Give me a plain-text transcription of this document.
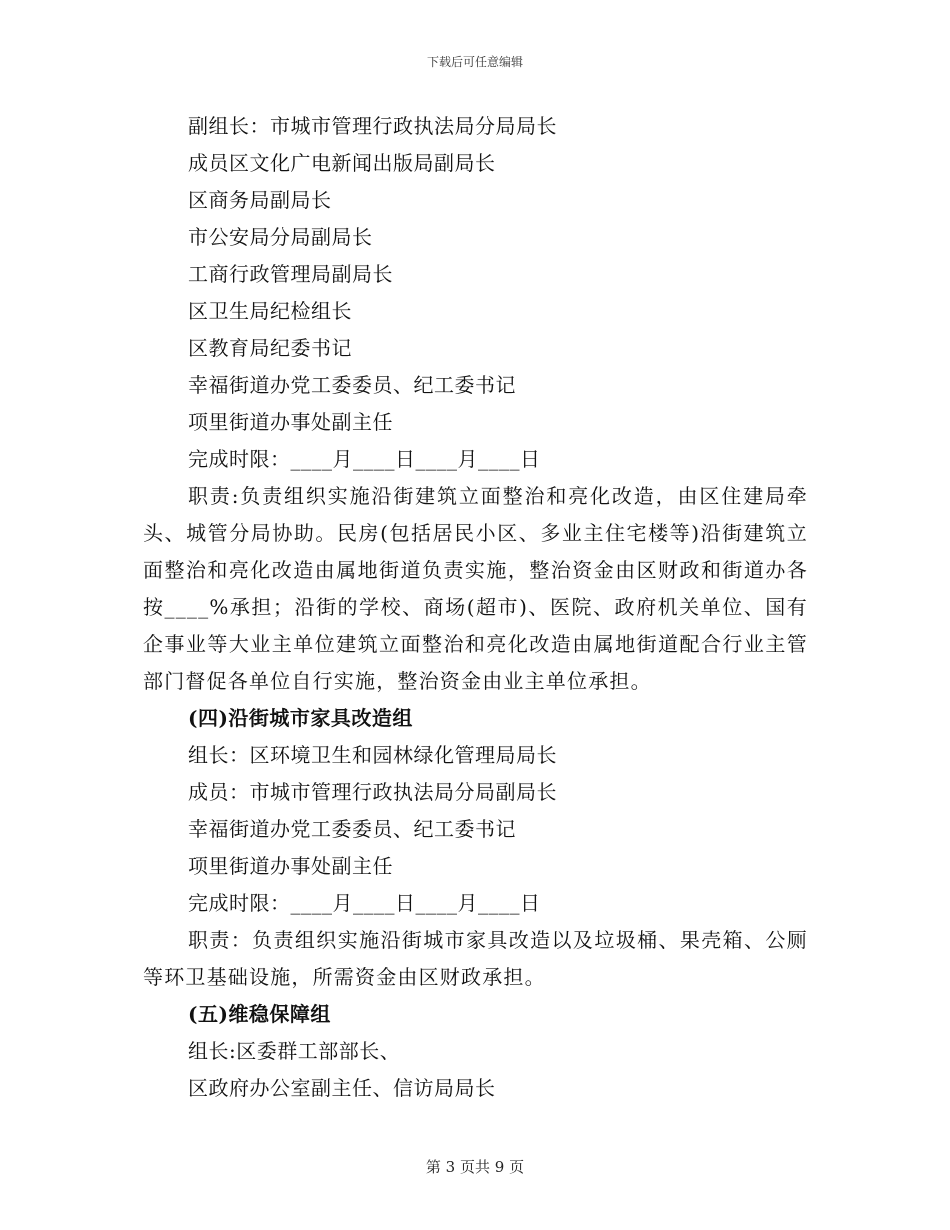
下载后可任意编辑
副组长：市城市管理行政执法局分局局长
成员区文化广电新闻出版局副局长
区商务局副局长
市公安局分局副局长
工商行政管理局副局长
区卫生局纪检组长
区教育局纪委书记
幸福街道办党工委委员、纪工委书记
项里街道办事处副主任
完成时限：____月____日____月____日
职责:负责组织实施沿街建筑立面整治和亮化改造，由区住建局牵头、城管分局协助。民房(包括居民小区、多业主住宅楼等)沿街建筑立面整治和亮化改造由属地街道负责实施，整治资金由区财政和街道办各按____%承担；沿街的学校、商场(超市)、医院、政府机关单位、国有企事业等大业主单位建筑立面整治和亮化改造由属地街道配合行业主管部门督促各单位自行实施，整治资金由业主单位承担。
(四)沿街城市家具改造组
组长：区环境卫生和园林绿化管理局局长
成员：市城市管理行政执法局分局副局长
幸福街道办党工委委员、纪工委书记
项里街道办事处副主任
完成时限：____月____日____月____日
职责：负责组织实施沿街城市家具改造以及垃圾桶、果壳箱、公厕等环卫基础设施，所需资金由区财政承担。
(五)维稳保障组
组长:区委群工部部长、
区政府办公室副主任、信访局局长
第 3 页共 9 页
